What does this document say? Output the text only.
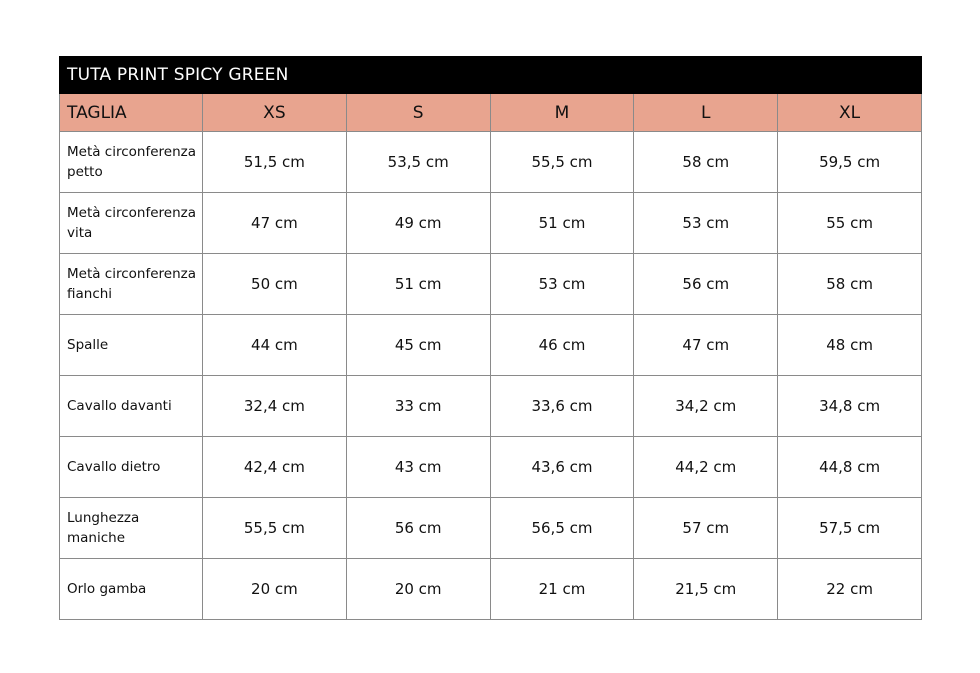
TUTA PRINT SPICY GREEN					
TAGLIA	XS	S	M	L	XL
Metà circonferenza petto	51,5 cm	53,5 cm	55,5 cm	58 cm	59,5 cm
Metà circonferenza vita	47 cm	49 cm	51 cm	53 cm	55 cm
Metà circonferenza fianchi	50 cm	51 cm	53 cm	56 cm	58 cm
Spalle	44 cm	45 cm	46 cm	47 cm	48 cm
Cavallo davanti	32,4 cm	33 cm	33,6 cm	34,2 cm	34,8 cm
Cavallo dietro	42,4 cm	43 cm	43,6 cm	44,2 cm	44,8 cm
Lunghezza maniche	55,5 cm	56 cm	56,5 cm	57 cm	57,5 cm
Orlo gamba	20 cm	20 cm	21 cm	21,5 cm	22 cm
